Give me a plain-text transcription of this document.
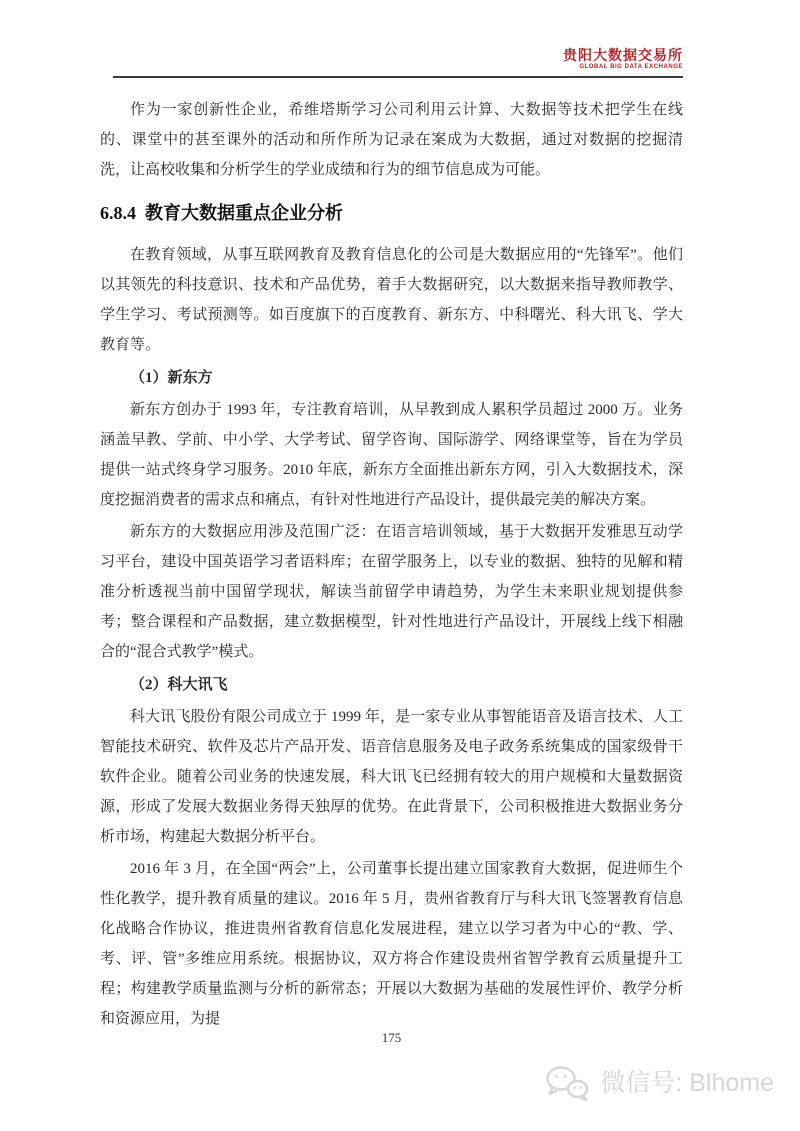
贵阳大数据交易所
GLOBAL BIG DATA EXCHANGE

作为一家创新性企业，希维塔斯学习公司利用云计算、大数据等技术把学生在线的、课堂中的甚至课外的活动和所作所为记录在案成为大数据，通过对数据的挖掘清洗，让高校收集和分析学生的学业成绩和行为的细节信息成为可能。

6.8.4  教育大数据重点企业分析

在教育领域，从事互联网教育及教育信息化的公司是大数据应用的“先锋军”。他们以其领先的科技意识、技术和产品优势，着手大数据研究，以大数据来指导教师教学、学生学习、考试预测等。如百度旗下的百度教育、新东方、中科曙光、科大讯飞、学大教育等。

（1）新东方

新东方创办于 1993 年，专注教育培训，从早教到成人累积学员超过 2000 万。业务涵盖早教、学前、中小学、大学考试、留学咨询、国际游学、网络课堂等，旨在为学员提供一站式终身学习服务。2010 年底，新东方全面推出新东方网，引入大数据技术，深度挖掘消费者的需求点和痛点，有针对性地进行产品设计，提供最完美的解决方案。

新东方的大数据应用涉及范围广泛：在语言培训领域，基于大数据开发雅思互动学习平台，建设中国英语学习者语料库；在留学服务上，以专业的数据、独特的见解和精准分析透视当前中国留学现状，解读当前留学申请趋势，为学生未来职业规划提供参考；整合课程和产品数据，建立数据模型，针对性地进行产品设计，开展线上线下相融合的“混合式教学”模式。

（2）科大讯飞

科大讯飞股份有限公司成立于 1999 年，是一家专业从事智能语音及语言技术、人工智能技术研究、软件及芯片产品开发、语音信息服务及电子政务系统集成的国家级骨干软件企业。随着公司业务的快速发展，科大讯飞已经拥有较大的用户规模和大量数据资源，形成了发展大数据业务得天独厚的优势。在此背景下，公司积极推进大数据业务分析市场，构建起大数据分析平台。

2016 年 3 月，在全国“两会”上，公司董事长提出建立国家教育大数据，促进师生个性化教学，提升教育质量的建议。2016 年 5 月，贵州省教育厅与科大讯飞签署教育信息化战略合作协议，推进贵州省教育信息化发展进程，建立以学习者为中心的“教、学、考、评、管”多维应用系统。根据协议，双方将合作建设贵州省智学教育云质量提升工程；构建教学质量监测与分析的新常态；开展以大数据为基础的发展性评价、教学分析和资源应用，为提

175
微信号: Blhome
